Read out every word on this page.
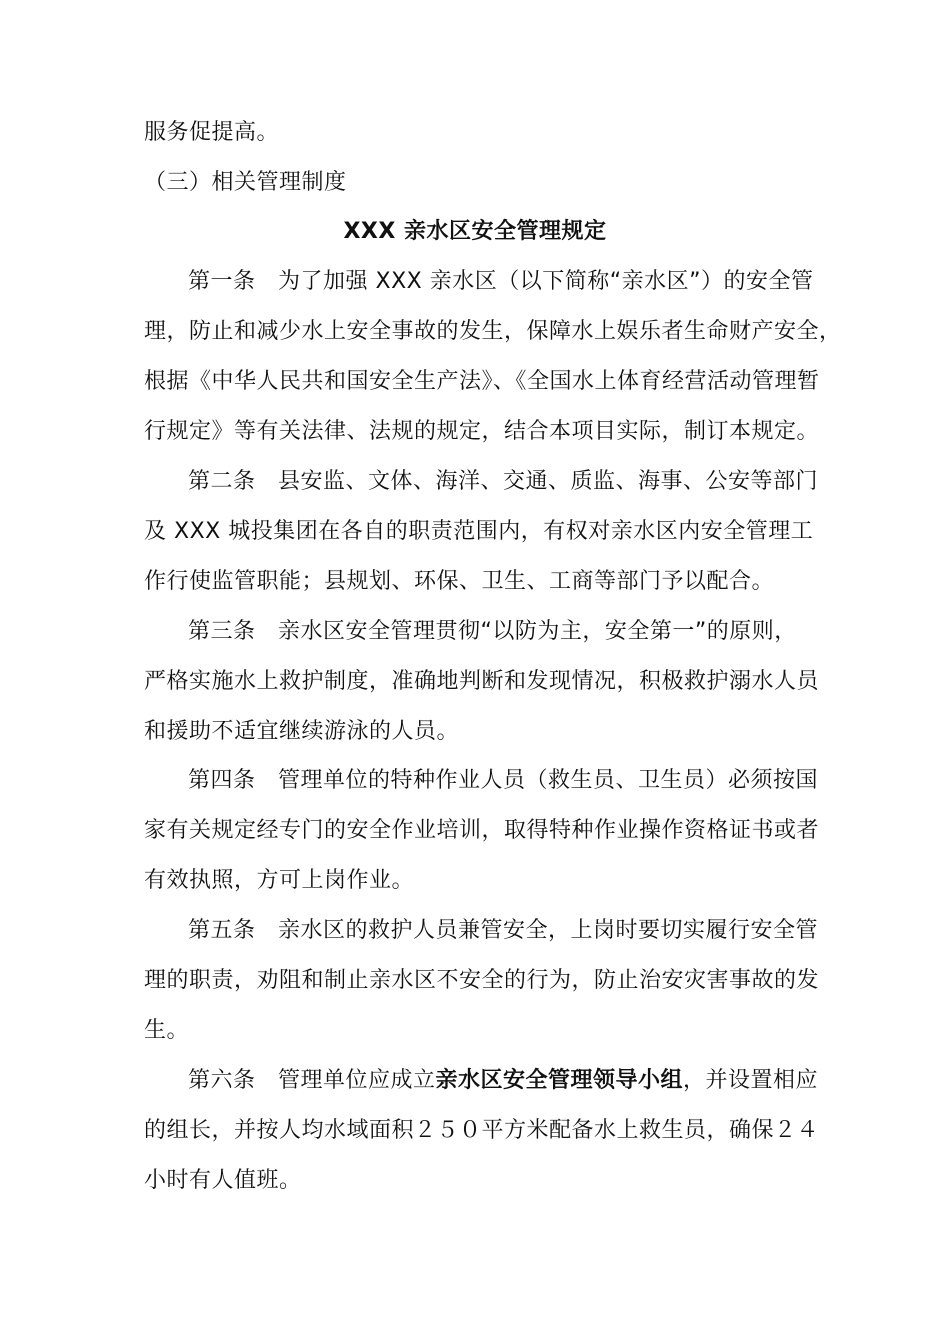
服务促提高。
（三）相关管理制度
XXX 亲水区安全管理规定
第一条　为了加强 XXX 亲水区（以下简称“亲水区”）的安全管
理，防止和减少水上安全事故的发生，保障水上娱乐者生命财产安全，
根据《中华人民共和国安全生产法》、《全国水上体育经营活动管理暂
行规定》等有关法律、法规的规定，结合本项目实际，制订本规定。
第二条　县安监、文体、海洋、交通、质监、海事、公安等部门
及 XXX 城投集团在各自的职责范围内，有权对亲水区内安全管理工
作行使监管职能；县规划、环保、卫生、工商等部门予以配合。
第三条　亲水区安全管理贯彻“以防为主，安全第一”的原则，
严格实施水上救护制度，准确地判断和发现情况，积极救护溺水人员
和援助不适宜继续游泳的人员。
第四条　管理单位的特种作业人员（救生员、卫生员）必须按国
家有关规定经专门的安全作业培训，取得特种作业操作资格证书或者
有效执照，方可上岗作业。
第五条　亲水区的救护人员兼管安全，上岗时要切实履行安全管
理的职责，劝阻和制止亲水区不安全的行为，防止治安灾害事故的发
生。
第六条　管理单位应成立亲水区安全管理领导小组，并设置相应
的组长，并按人均水域面积２５０平方米配备水上救生员，确保２４
小时有人值班。
